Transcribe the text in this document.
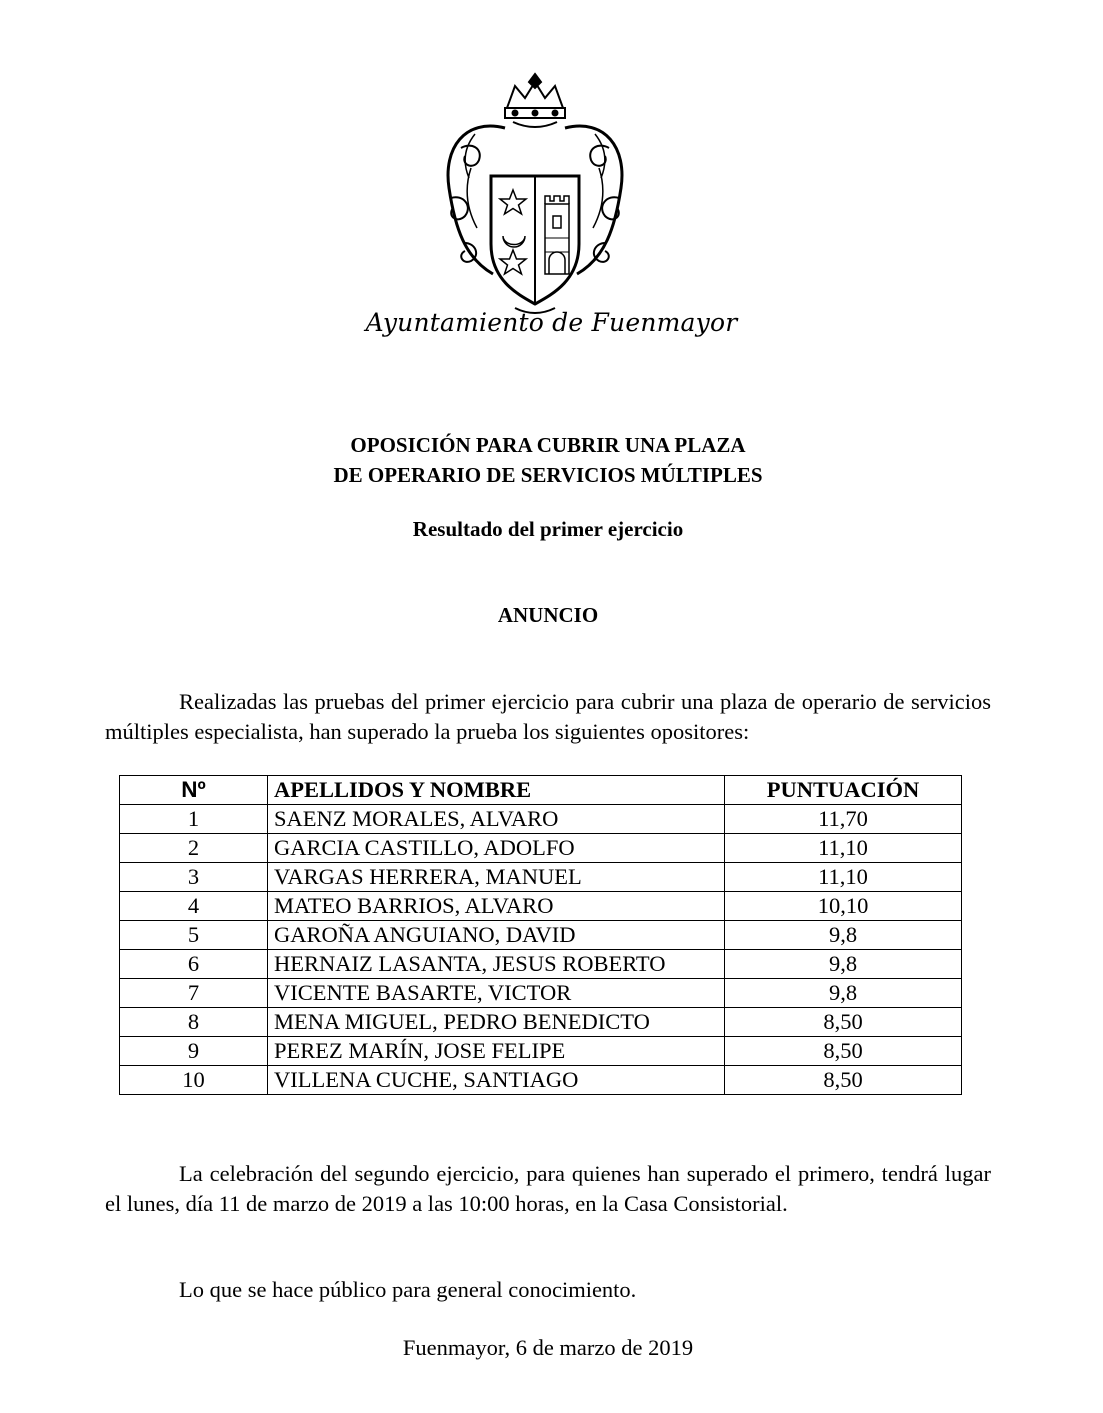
Ayuntamiento de Fuenmayor
OPOSICIÓN PARA CUBRIR UNA PLAZA
DE OPERARIO DE SERVICIOS MÚLTIPLES
Resultado del primer ejercicio
ANUNCIO
Realizadas las pruebas del primer ejercicio para cubrir una plaza de operario de servicios múltiples especialista, han superado la prueba los siguientes opositores:
Nº	APELLIDOS Y NOMBRE	PUNTUACIÓN
1	SAENZ MORALES, ALVARO	11,70
2	GARCIA CASTILLO, ADOLFO	11,10
3	VARGAS HERRERA, MANUEL	11,10
4	MATEO BARRIOS, ALVARO	10,10
5	GAROÑA ANGUIANO, DAVID	9,8
6	HERNAIZ LASANTA, JESUS ROBERTO	9,8
7	VICENTE BASARTE, VICTOR	9,8
8	MENA MIGUEL, PEDRO BENEDICTO	8,50
9	PEREZ MARÍN, JOSE FELIPE	8,50
10	VILLENA CUCHE, SANTIAGO	8,50
La celebración del segundo ejercicio, para quienes han superado el primero, tendrá lugar el lunes, día 11 de marzo de 2019 a las 10:00 horas, en la Casa Consistorial.
Lo que se hace público para general conocimiento.
Fuenmayor, 6 de marzo de 2019
